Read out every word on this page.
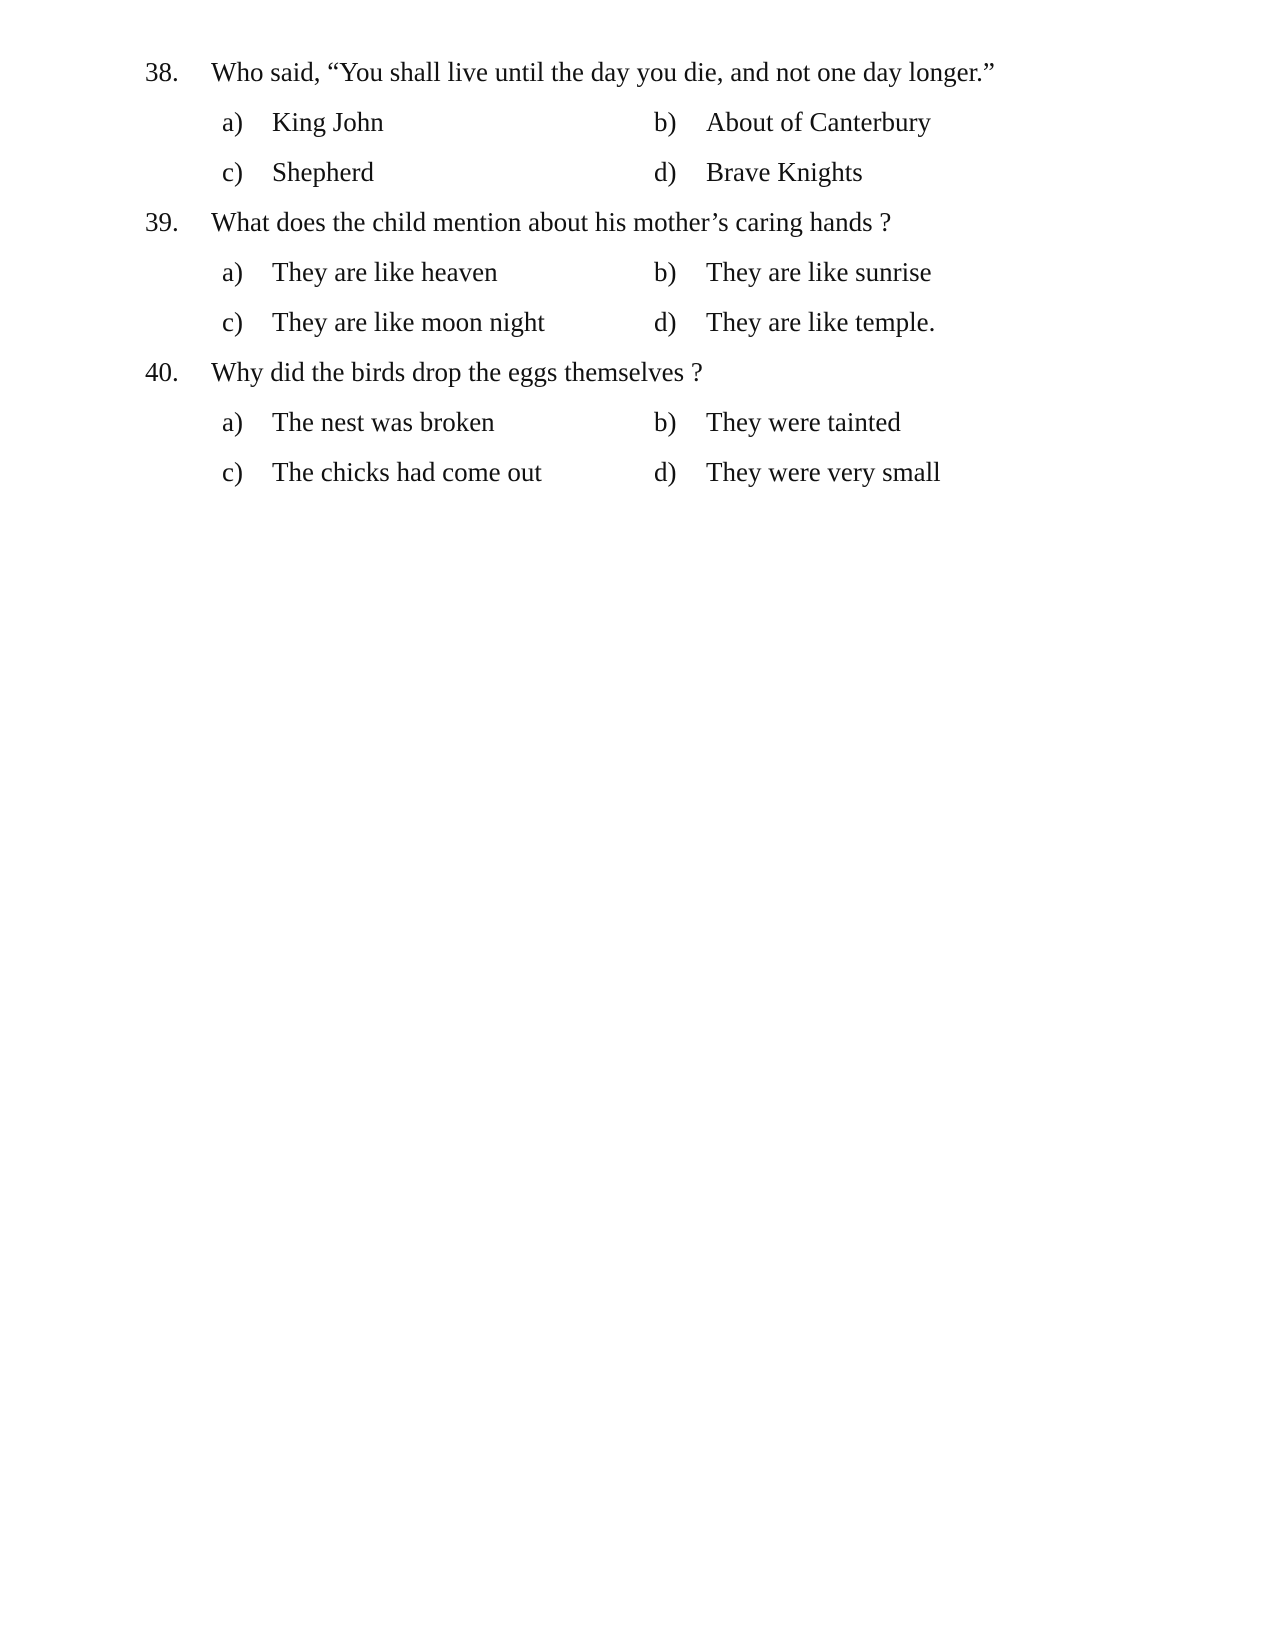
38. Who said, “You shall live until the day you die, and not one day longer.”
a) King John	b) About of Canterbury
c) Shepherd	d) Brave Knights
39. What does the child mention about his mother’s caring hands ?
a) They are like heaven	b) They are like sunrise
c) They are like moon night	d) They are like temple.
40. Why did the birds drop the eggs themselves ?
a) The nest was broken	b) They were tainted
c) The chicks had come out	d) They were very small
